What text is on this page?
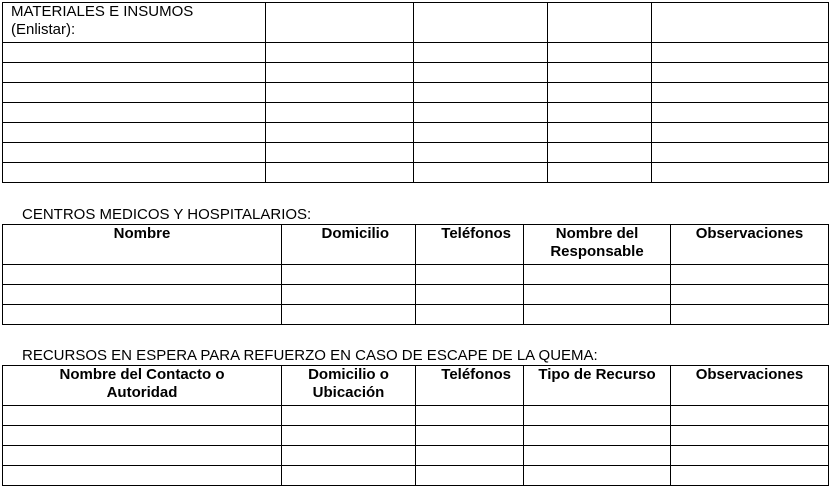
MATERIALES E INSUMOS
(Enlistar):				

CENTROS MEDICOS Y HOSPITALARIOS:
Nombre	Domicilio	Teléfonos	Nombre del Responsable	Observaciones

RECURSOS EN ESPERA PARA REFUERZO EN CASO DE ESCAPE DE LA QUEMA:
Nombre del Contacto o Autoridad	Domicilio o Ubicación	Teléfonos	Tipo de Recurso	Observaciones
